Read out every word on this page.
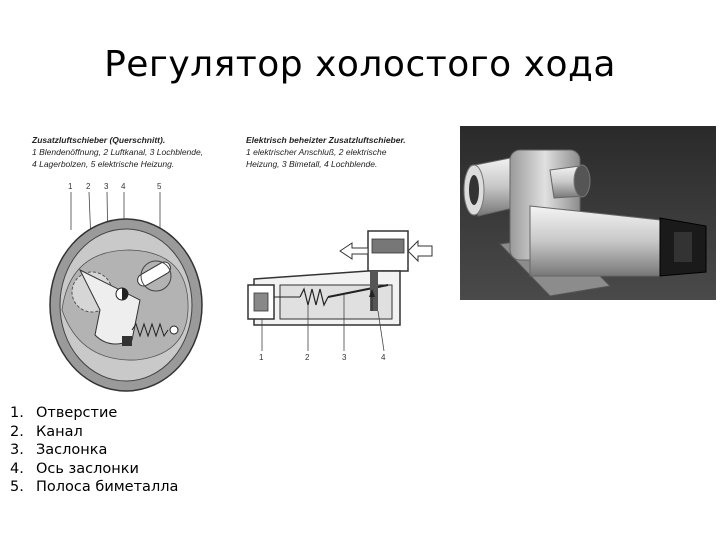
Регулятор холостого хода
Zusatzluftschieber (Querschnitt).
1 Blendenöffnung, 2 Luftkanal, 3 Lochblende,
4 Lagerbolzen, 5 elektrische Heizung.
1 2 3 4	5
Elektrisch beheizter Zusatzluftschieber.
1 elektrischer Anschluß, 2 elektrische
Heizung, 3 Bimetall, 4 Lochblende.
1	2	3	4
1. Отверстие
2. Канал
3. Заслонка
4. Ось заслонки
5. Полоса биметалла
